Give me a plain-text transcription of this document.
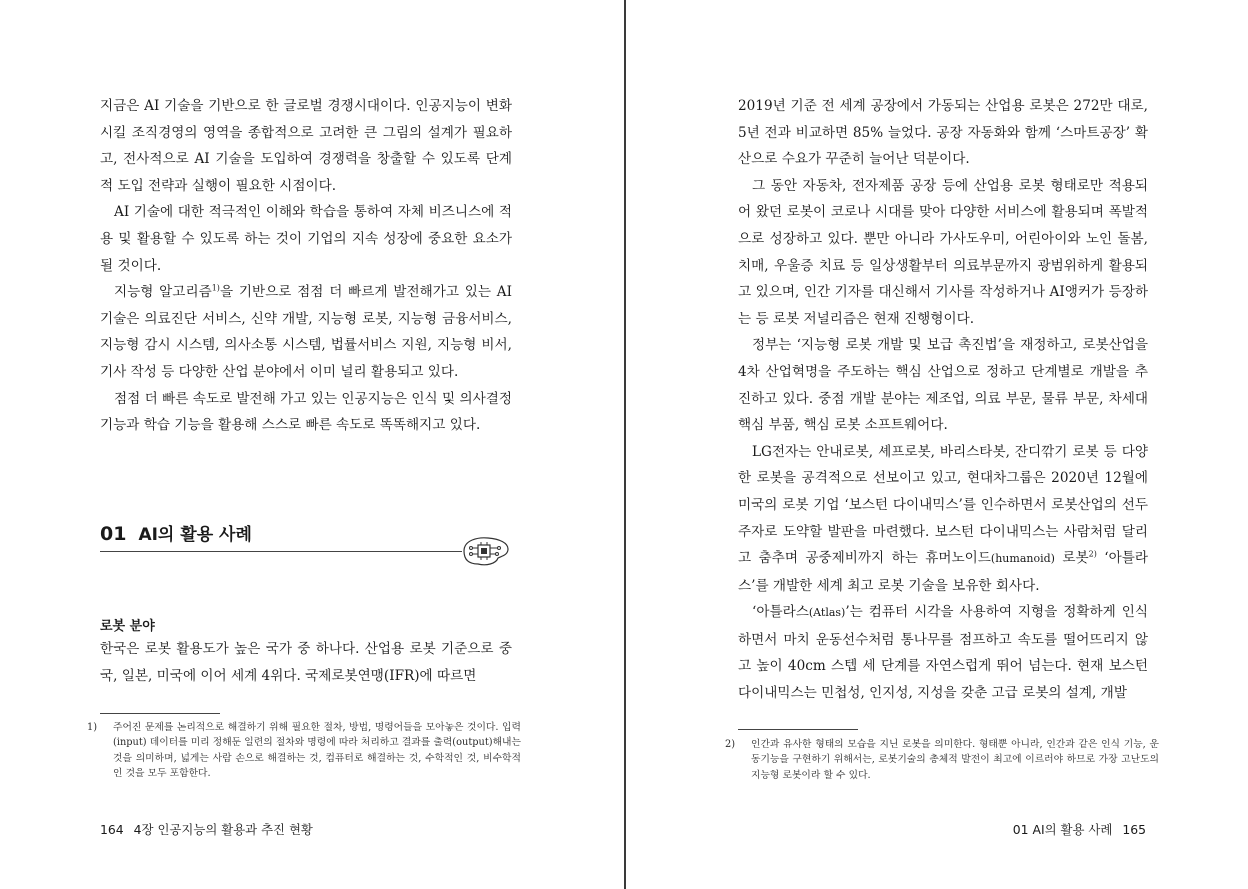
지금은 AI 기술을 기반으로 한 글로벌 경쟁시대이다. 인공지능이 변화시킬 조직경영의 영역을 종합적으로 고려한 큰 그림의 설계가 필요하고, 전사적으로 AI 기술을 도입하여 경쟁력을 창출할 수 있도록 단계적 도입 전략과 실행이 필요한 시점이다.

AI 기술에 대한 적극적인 이해와 학습을 통하여 자체 비즈니스에 적용 및 활용할 수 있도록 하는 것이 기업의 지속 성장에 중요한 요소가 될 것이다.

지능형 알고리즘$^{1)}$을 기반으로 점점 더 빠르게 발전해가고 있는 AI 기술은 의료진단 서비스, 신약 개발, 지능형 로봇, 지능형 금융서비스, 지능형 감시 시스템, 의사소통 시스템, 법률서비스 지원, 지능형 비서, 기사 작성 등 다양한 산업 분야에서 이미 널리 활용되고 있다.

점점 더 빠른 속도로 발전해 가고 있는 인공지능은 인식 및 의사결정 기능과 학습 기능을 활용해 스스로 빠른 속도로 똑똑해지고 있다.

01 AI의 활용 사례
로봇 분야

한국은 로봇 활용도가 높은 국가 중 하나다. 산업용 로봇 기준으로 중국, 일본, 미국에 이어 세계 4위다. 국제로봇연맹(IFR)에 따르면

1) 주어진 문제를 논리적으로 해결하기 위해 필요한 절차, 방법, 명령어들을 모아놓은 것이다. 입력(input) 데이터를 미리 정해둔 일련의 절차와 명령에 따라 처리하고 결과를 출력(output)해내는 것을 의미하며, 넓게는 사람 손으로 해결하는 것, 컴퓨터로 해결하는 것, 수학적인 것, 비수학적인 것을 모두 포함한다.
164 4장 인공지능의 활용과 추진 현황

2019년 기준 전 세계 공장에서 가동되는 산업용 로봇은 272만 대로, 5년 전과 비교하면 85% 늘었다. 공장 자동화와 함께 ‘스마트공장’ 확산으로 수요가 꾸준히 늘어난 덕분이다.

그 동안 자동차, 전자제품 공장 등에 산업용 로봇 형태로만 적용되어 왔던 로봇이 코로나 시대를 맞아 다양한 서비스에 활용되며 폭발적으로 성장하고 있다. 뿐만 아니라 가사도우미, 어린아이와 노인 돌봄, 치매, 우울증 치료 등 일상생활부터 의료부문까지 광범위하게 활용되고 있으며, 인간 기자를 대신해서 기사를 작성하거나 AI앵커가 등장하는 등 로봇 저널리즘은 현재 진행형이다.

정부는 ‘지능형 로봇 개발 및 보급 촉진법’을 재정하고, 로봇산업을 4차 산업혁명을 주도하는 핵심 산업으로 정하고 단계별로 개발을 추진하고 있다. 중점 개발 분야는 제조업, 의료 부문, 물류 부문, 차세대 핵심 부품, 핵심 로봇 소프트웨어다.

LG전자는 안내로봇, 셰프로봇, 바리스타봇, 잔디깎기 로봇 등 다양한 로봇을 공격적으로 선보이고 있고, 현대차그룹은 2020년 12월에 미국의 로봇 기업 ‘보스턴 다이내믹스’를 인수하면서 로봇산업의 선두주자로 도약할 발판을 마련했다. 보스턴 다이내믹스는 사람처럼 달리고 춤추며 공중제비까지 하는 휴머노이드(humanoid) 로봇$^{2)}$ ‘아틀라스’를 개발한 세계 최고 로봇 기술을 보유한 회사다.

‘아틀라스(Atlas)’는 컴퓨터 시각을 사용하여 지형을 정확하게 인식하면서 마치 운동선수처럼 통나무를 점프하고 속도를 떨어뜨리지 않고 높이 40cm 스텝 세 단계를 자연스럽게 뛰어 넘는다. 현재 보스턴 다이내믹스는 민첩성, 인지성, 지성을 갖춘 고급 로봇의 설계, 개발

2) 인간과 유사한 형태의 모습을 지닌 로봇을 의미한다. 형태뿐 아니라, 인간과 같은 인식 기능, 운동기능을 구현하기 위해서는, 로봇기술의 총체적 발전이 최고에 이르러야 하므로 가장 고난도의 지능형 로봇이라 할 수 있다.
01 AI의 활용 사례 165
